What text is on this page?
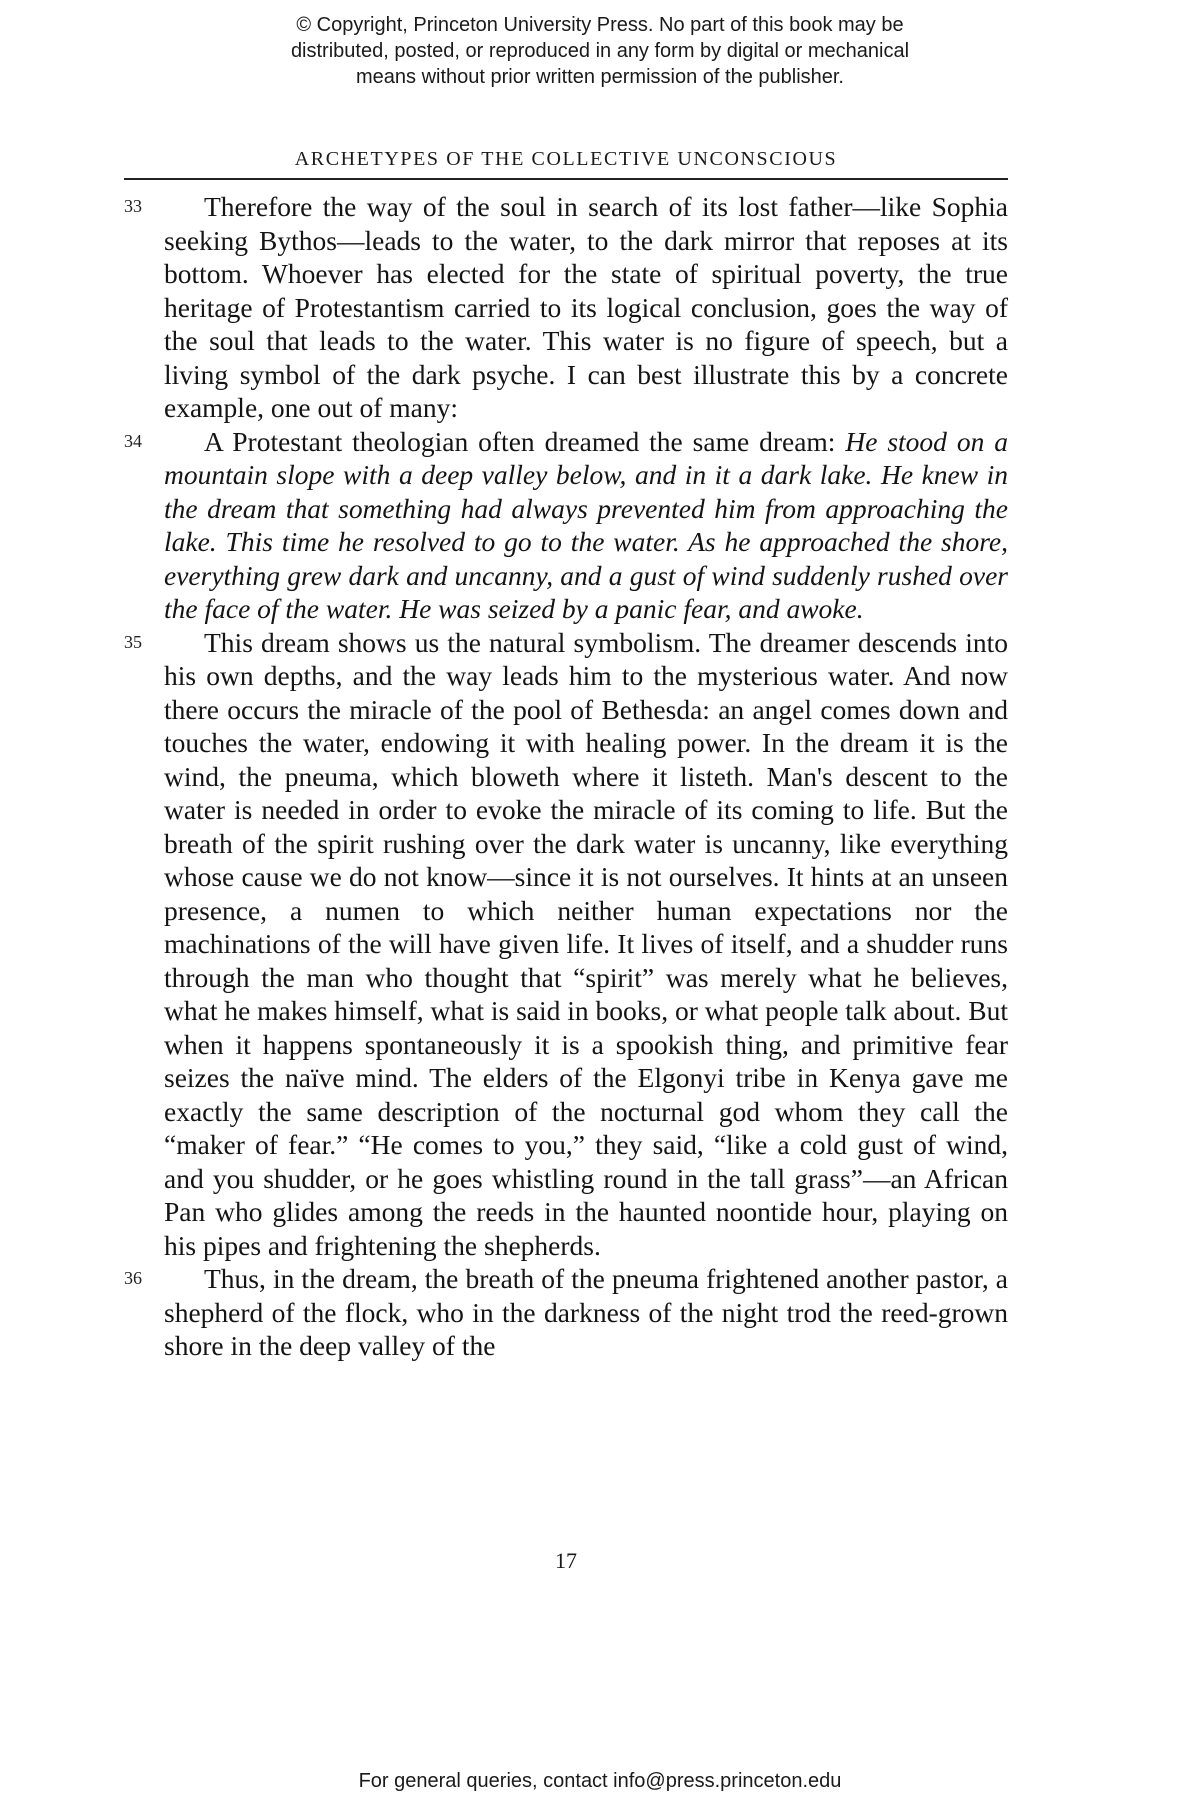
© Copyright, Princeton University Press. No part of this book may be
distributed, posted, or reproduced in any form by digital or mechanical
means without prior written permission of the publisher.
ARCHETYPES OF THE COLLECTIVE UNCONSCIOUS
33	Therefore the way of the soul in search of its lost father—like Sophia seeking Bythos—leads to the water, to the dark mirror that reposes at its bottom. Whoever has elected for the state of spiritual poverty, the true heritage of Protestantism carried to its logical conclusion, goes the way of the soul that leads to the water. This water is no figure of speech, but a living symbol of the dark psyche. I can best illustrate this by a concrete example, one out of many:
34	A Protestant theologian often dreamed the same dream: He stood on a mountain slope with a deep valley below, and in it a dark lake. He knew in the dream that something had always prevented him from approaching the lake. This time he resolved to go to the water. As he approached the shore, everything grew dark and uncanny, and a gust of wind suddenly rushed over the face of the water. He was seized by a panic fear, and awoke.
35	This dream shows us the natural symbolism. The dreamer descends into his own depths, and the way leads him to the mysterious water. And now there occurs the miracle of the pool of Bethesda: an angel comes down and touches the water, endowing it with healing power. In the dream it is the wind, the pneuma, which bloweth where it listeth. Man's descent to the water is needed in order to evoke the miracle of its coming to life. But the breath of the spirit rushing over the dark water is uncanny, like everything whose cause we do not know—since it is not ourselves. It hints at an unseen presence, a numen to which neither human expectations nor the machinations of the will have given life. It lives of itself, and a shudder runs through the man who thought that “spirit” was merely what he believes, what he makes himself, what is said in books, or what people talk about. But when it happens spontaneously it is a spookish thing, and primitive fear seizes the naïve mind. The elders of the Elgonyi tribe in Kenya gave me exactly the same description of the nocturnal god whom they call the “maker of fear.” “He comes to you,” they said, “like a cold gust of wind, and you shudder, or he goes whistling round in the tall grass”—an African Pan who glides among the reeds in the haunted noontide hour, playing on his pipes and frightening the shepherds.
36	Thus, in the dream, the breath of the pneuma frightened another pastor, a shepherd of the flock, who in the darkness of the night trod the reed-grown shore in the deep valley of the
17
For general queries, contact info@press.princeton.edu
